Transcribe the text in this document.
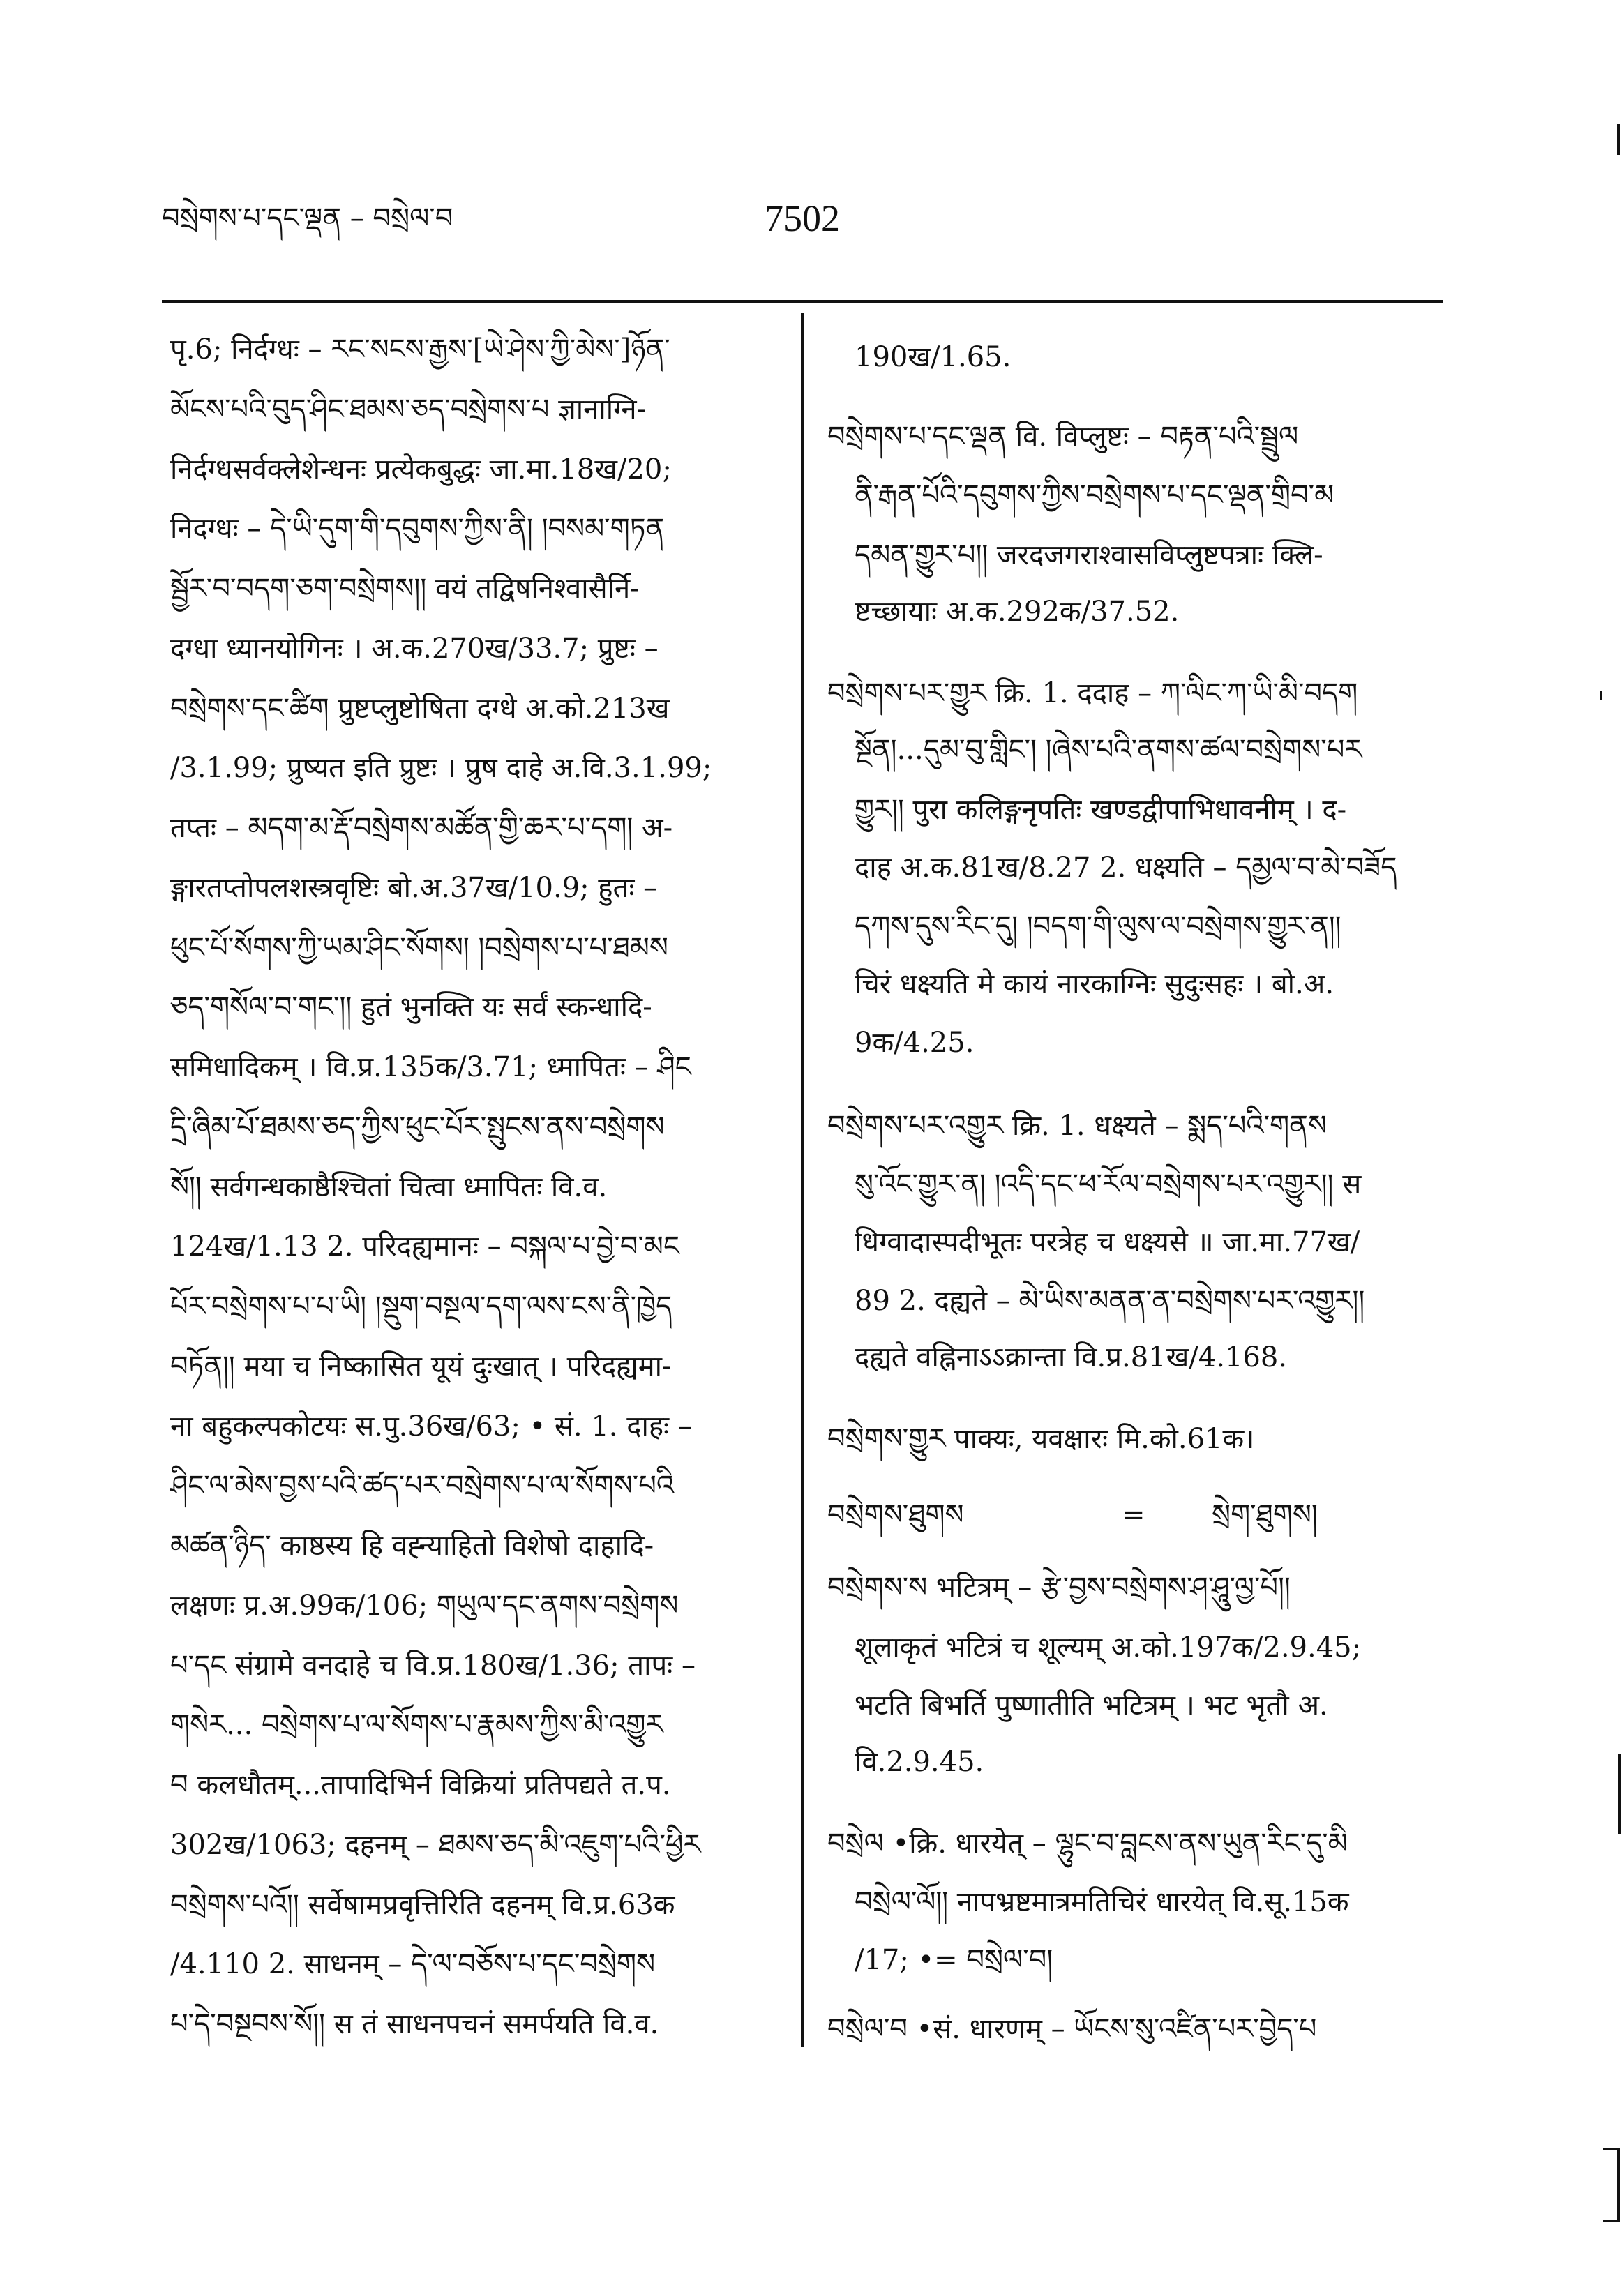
བསྲེགས་པ་དང་ལྡན – བསྲེལ་བ	7502
पृ.6; निर्दग्धः – རང་སངས་རྒྱས་[ཡེ་ཤེས་ཀྱི་མེས་]ཉོན་
མོངས་པའི་བུད་ཤིང་ཐམས་ཅད་བསྲེགས་པ ज्ञानाग्नि-
निर्दग्धसर्वक्लेशेन्धनः प्रत्येकबुद्धः जा.मा.18ख/20;
निदग्धः – དེ་ཡི་དུག་གི་དབུགས་ཀྱིས་ནི། །བསམ་གཏན
སྦྱོར་བ་བདག་ཅག་བསྲེགས།། वयं तद्विषनिश्वासैर्नि-
दग्धा ध्यानयोगिनः । अ.क.270ख/33.7; प्रुष्टः –
བསྲེགས་དང་ཚིག प्रुष्टप्लुष्टोषिता दग्धे अ.को.213ख
/3.1.99; प्रुष्यत इति प्रुष्टः । प्रुष दाहे अ.वि.3.1.99;
तप्तः – མདག་མ་རྡོ་བསྲེགས་མཚོན་གྱི་ཆར་པ་དག། अ-
ङ्गारतप्तोपलशस्त्रवृष्टिः बो.अ.37ख/10.9; हुतः –
ཕུང་པོ་སོགས་ཀྱི་ཡམ་ཤིང་སོགས། །བསྲེགས་པ་པ་ཐམས
ཅད་གསོལ་བ་གང་།། हुतं भुनक्ति यः सर्वं स्कन्धादि-
समिधादिकम् । वि.प्र.135क/3.71; ध्मापितः – ཤིང
དྲི་ཞིམ་པོ་ཐམས་ཅད་ཀྱིས་ཕུང་པོར་སྤུངས་ནས་བསྲེགས
སོ།། सर्वगन्धकाष्ठैश्चितां चित्वा ध्मापितः वि.व.
124ख/1.13 2. परिदह्यमानः – བསྐལ་པ་བྱེ་བ་མང
པོར་བསྲེགས་པ་པ་ཡི། །སྡུག་བསྔལ་དག་ལས་ངས་ནི་ཁྱེད
བཏོན།། मया च निष्कासित यूयं दुःखात् । परिदह्यमा-
ना बहुकल्पकोटयः स.पु.36ख/63; • सं. 1. दाहः –
ཤིང་ལ་མེས་བྱས་པའི་ཚད་པར་བསྲེགས་པ་ལ་སོགས་པའི
མཚན་ཉིད་ काष्ठस्य हि वह्न्याहितो विशेषो दाहादि-
लक्षणः प्र.अ.99क/106; གཡུལ་དང་ནགས་བསྲེགས
པ་དང संग्रामे वनदाहे च वि.प्र.180ख/1.36; तापः –
གསེར... བསྲེགས་པ་ལ་སོགས་པ་རྣམས་ཀྱིས་མི་འགྱུར
བ कलधौतम्...तापादिभिर्न विक्रियां प्रतिपद्यते त.प.
302ख/1063; दहनम् – ཐམས་ཅད་མི་འཇུག་པའི་ཕྱིར
བསྲེགས་པའོ།། सर्वेषामप्रवृत्तिरिति दहनम् वि.प्र.63क
/4.110 2. साधनम् – དེ་ལ་བཅོས་པ་དང་བསྲེགས
པ་དེ་བསྔབས་སོ།། स तं साधनपचनं समर्पयति वि.व.
190ख/1.65.
བསྲེགས་པ་དང་ལྡན वि. विप्लुष्टः – བརྟན་པའི་སྦྲུལ
ནི་རྒན་པོའི་དབུགས་ཀྱིས་བསྲེགས་པ་དང་ལྡན་གྲིབ་མ
དམན་གྱུར་པ།། जरदजगराश्वासविप्लुष्टपत्राः क्लि-
ष्टच्छायाः अ.क.292क/37.52.
བསྲེགས་པར་གྱུར क्रि. 1. ददाह – ཀ་ལིང་ཀ་ཡི་མི་བདག
སྔོན།...དུམ་བུ་གླིང་། །ཞེས་པའི་ནགས་ཚལ་བསྲེགས་པར
གྱུར།། पुरा कलिङ्गनृपतिः खण्डद्वीपाभिधावनीम् । द-
दाह अ.क.81ख/8.27 2. धक्ष्यति – དམྱལ་བ་མེ་བཟོད
དཀས་དུས་རིང་དུ། །བདག་གི་ལུས་ལ་བསྲེགས་གྱུར་ན།།
चिरं धक्ष्यति मे कायं नारकाग्निः सुदुःसहः । बो.अ.
9क/4.25.
བསྲེགས་པར་འགྱུར क्रि. 1. धक्ष्यते – སྨད་པའི་གནས
སུ་འོང་གྱུར་ན། །འདི་དང་ཕ་རོལ་བསྲེགས་པར་འགྱུར།། स
धिग्वादास्पदीभूतः परत्रेह च धक्ष्यसे ॥ जा.मा.77ख/
89 2. दह्यते – མེ་ཡིས་མནན་ན་བསྲེགས་པར་འགྱུར།།
दह्यते वह्निनाऽऽक्रान्ता वि.प्र.81ख/4.168.
བསྲེགས་གྱུར पाक्यः, यवक्षारः मि.को.61क।
བསྲེགས་ཐུགས	= སྲེག་ཐུགས།
བསྲེགས་ས भटित्रम् – རྩེ་བྱས་བསྲེགས་ཤ་ཤཱུ་ལྱ་པོ།།
शूलाकृतं भटित्रं च शूल्यम् अ.को.197क/2.9.45;
भटति बिभर्ति पुष्णातीति भटित्रम् । भट भृतौ अ.
वि.2.9.45.
བསྲེལ •क्रि. धारयेत् – ལྷུང་བ་བླངས་ནས་ཡུན་རིང་དུ་མི
བསྲེལ་ལོ།། नापभ्रष्टमात्रमतिचिरं धारयेत् वि.सू.15क
/17; •= བསྲེལ་བ།
བསྲེལ་བ •सं. धारणम् – ཡོངས་སུ་འཛིན་པར་བྱེད་པ
